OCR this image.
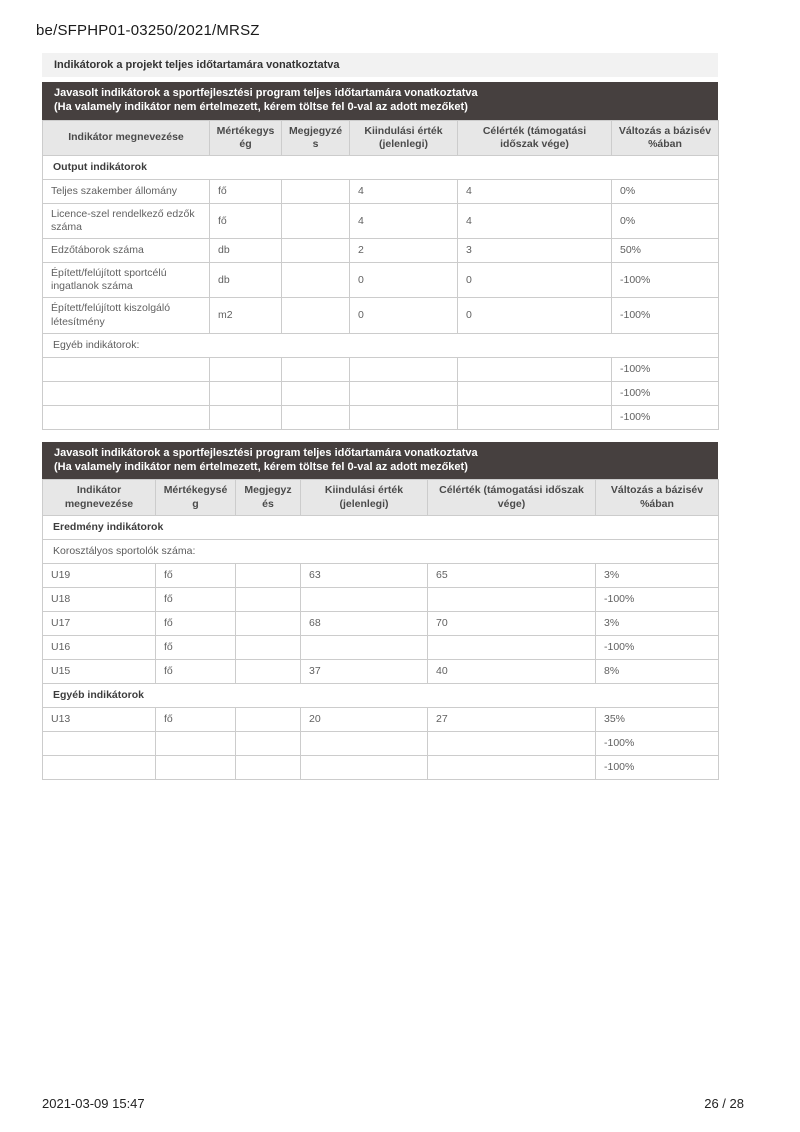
be/SFPHP01-03250/2021/MRSZ
Indikátorok a projekt teljes időtartamára vonatkoztatva
Javasolt indikátorok a sportfejlesztési program teljes időtartamára vonatkoztatva
(Ha valamely indikátor nem értelmezett, kérem töltse fel 0-val az adott mezőket)
Indikátor megnevezése	Mértékegység	Megjegyzés	Kiindulási érték (jelenlegi)	Célérték (támogatási időszak vége)	Változás a bázisév %ában
Output indikátorok					
Teljes szakember állomány	fő		4	4	0%
Licence-szel rendelkező edzők száma	fő		4	4	0%
Edzőtáborok száma	db		2	3	50%
Épített/felújított sportcélú ingatlanok száma	db		0	0	-100%
Épített/felújított kiszolgáló létesítmény	m2		0	0	-100%
Egyéb indikátorok:					
					-100%
					-100%
					-100%
Javasolt indikátorok a sportfejlesztési program teljes időtartamára vonatkoztatva
(Ha valamely indikátor nem értelmezett, kérem töltse fel 0-val az adott mezőket)
Indikátor megnevezése	Mértékegység	Megjegyzés	Kiindulási érték (jelenlegi)	Célérték (támogatási időszak vége)	Változás a bázisév %ában
Eredmény indikátorok					
Korosztályos sportolók száma:					
U19	fő		63	65	3%
U18	fő				-100%
U17	fő		68	70	3%
U16	fő				-100%
U15	fő		37	40	8%
Egyéb indikátorok					
U13	fő		20	27	35%
					-100%
					-100%
2021-03-09 15:47	26 / 28
